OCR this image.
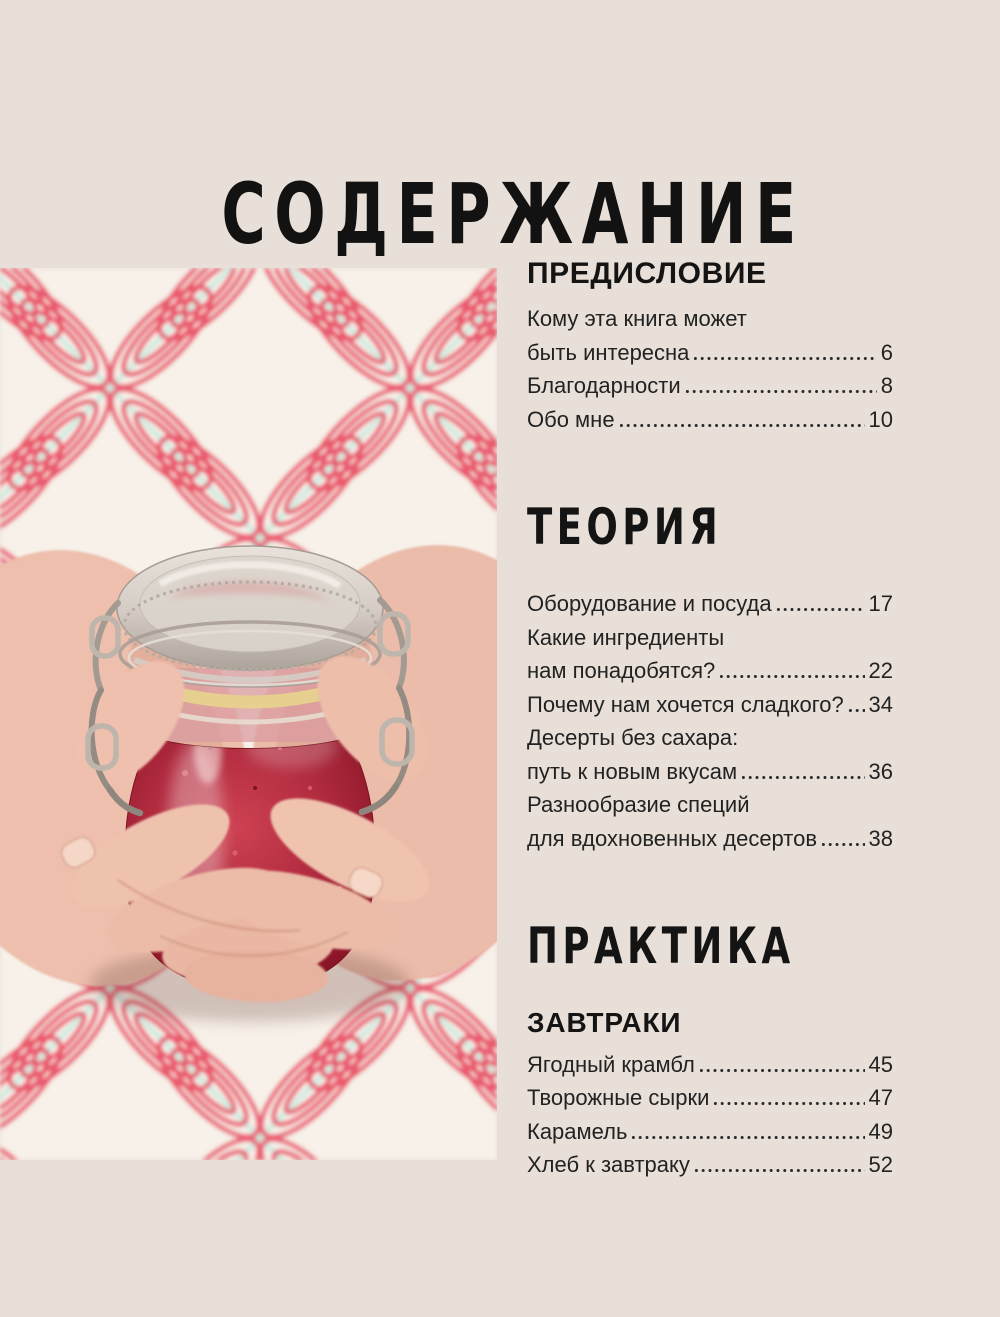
СОДЕРЖАНИЕ
ПРЕДИСЛОВИЕ
Кому эта книга может
быть интересна	6
Благодарности	8
Обо мне	10
ТЕОРИЯ
Оборудование и посуда	17
Какие ингредиенты
нам понадобятся?	22
Почему нам хочется сладкого? 34
Десерты без сахара:
путь к новым вкусам	36
Разнообразие специй
для вдохновенных десертов 38
ПРАКТИКА
ЗАВТРАКИ
Ягодный крамбл	45
Творожные сырки	47
Карамель	49
Хлеб к завтраку	52
